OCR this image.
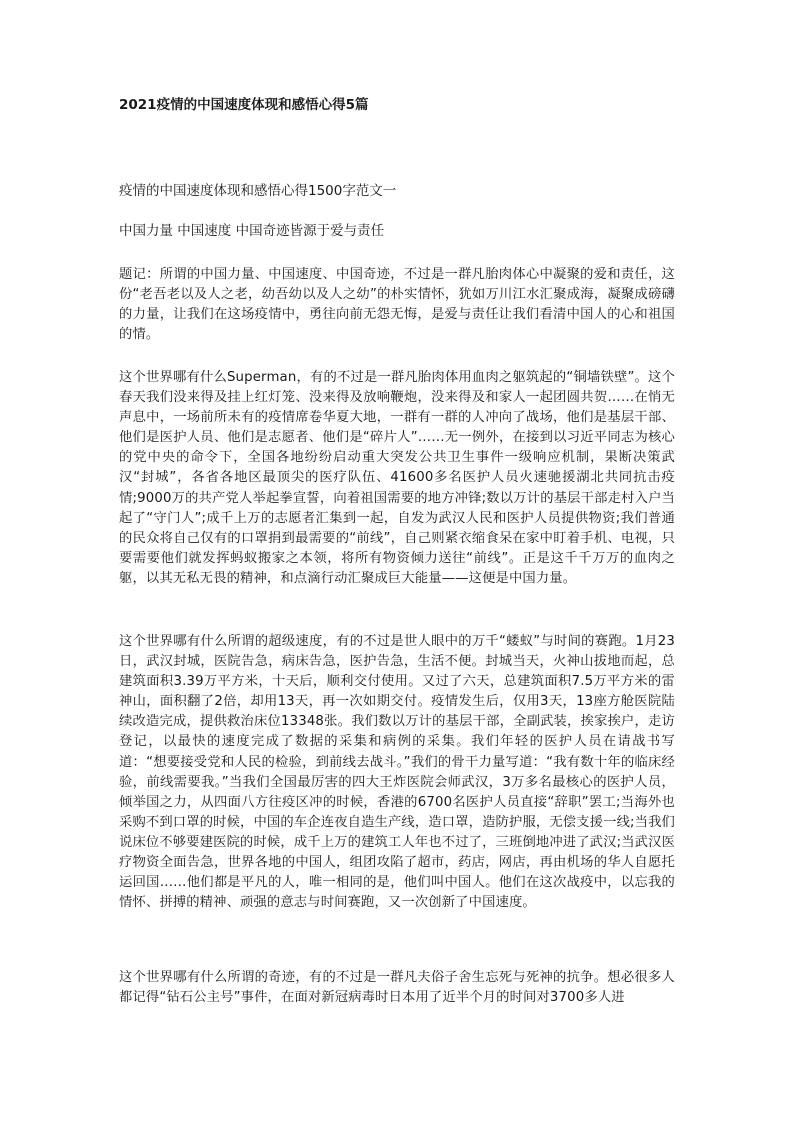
2021疫情的中国速度体现和感悟心得5篇
疫情的中国速度体现和感悟心得1500字范文一
中国力量 中国速度 中国奇迹皆源于爱与责任
题记：所谓的中国力量、中国速度、中国奇迹，不过是一群凡胎肉体心中凝聚的爱和责任，这份“老吾老以及人之老，幼吾幼以及人之幼”的朴实情怀，犹如万川江水汇聚成海，凝聚成磅礴的力量，让我们在这场疫情中，勇往向前无怨无悔，是爱与责任让我们看清中国人的心和祖国的情。
这个世界哪有什么Superman，有的不过是一群凡胎肉体用血肉之躯筑起的“铜墙铁壁”。这个春天我们没来得及挂上红灯笼、没来得及放响鞭炮，没来得及和家人一起团圆共贺……在悄无声息中，一场前所未有的疫情席卷华夏大地，一群有一群的人冲向了战场，他们是基层干部、他们是医护人员、他们是志愿者、他们是“碎片人”……无一例外，在接到以习近平同志为核心的党中央的命令下，全国各地纷纷启动重大突发公共卫生事件一级响应机制，果断决策武汉“封城”，各省各地区最顶尖的医疗队伍、41600多名医护人员火速驰援湖北共同抗击疫情;9000万的共产党人举起拳宣誓，向着祖国需要的地方冲锋;数以万计的基层干部走村入户当起了“守门人”;成千上万的志愿者汇集到一起，自发为武汉人民和医护人员提供物资;我们普通的民众将自己仅有的口罩捐到最需要的“前线”，自己则紧衣缩食呆在家中盯着手机、电视，只要需要他们就发挥蚂蚁搬家之本领，将所有物资倾力送往“前线”。正是这千千万万的血肉之躯，以其无私无畏的精神，和点滴行动汇聚成巨大能量——这便是中国力量。
这个世界哪有什么所谓的超级速度，有的不过是世人眼中的万千“蝼蚁”与时间的赛跑。1月23日，武汉封城，医院告急，病床告急，医护告急，生活不便。封城当天，火神山拔地而起，总建筑面积3.39万平方米，十天后，顺利交付使用。又过了六天，总建筑面积7.5万平方米的雷神山，面积翻了2倍，却用13天，再一次如期交付。疫情发生后，仅用3天，13座方舱医院陆续改造完成，提供救治床位13348张。我们数以万计的基层干部，全副武装，挨家挨户，走访登记，以最快的速度完成了数据的采集和病例的采集。我们年轻的医护人员在请战书写道：“想要接受党和人民的检验，到前线去战斗。”我们的骨干力量写道：“我有数十年的临床经验，前线需要我。”当我们全国最厉害的四大王炸医院会师武汉，3万多名最核心的医护人员，倾举国之力，从四面八方往疫区冲的时候，香港的6700名医护人员直接“辞职”罢工;当海外也采购不到口罩的时候，中国的车企连夜自造生产线，造口罩，造防护服，无偿支援一线;当我们说床位不够要建医院的时候，成千上万的建筑工人年也不过了，三班倒地冲进了武汉;当武汉医疗物资全面告急，世界各地的中国人，组团攻陷了超市，药店，网店，再由机场的华人自愿托运回国……他们都是平凡的人，唯一相同的是，他们叫中国人。他们在这次战疫中，以忘我的情怀、拼搏的精神、顽强的意志与时间赛跑，又一次创新了中国速度。
这个世界哪有什么所谓的奇迹，有的不过是一群凡夫俗子舍生忘死与死神的抗争。想必很多人都记得“钻石公主号”事件，在面对新冠病毒时日本用了近半个月的时间对3700多人进
